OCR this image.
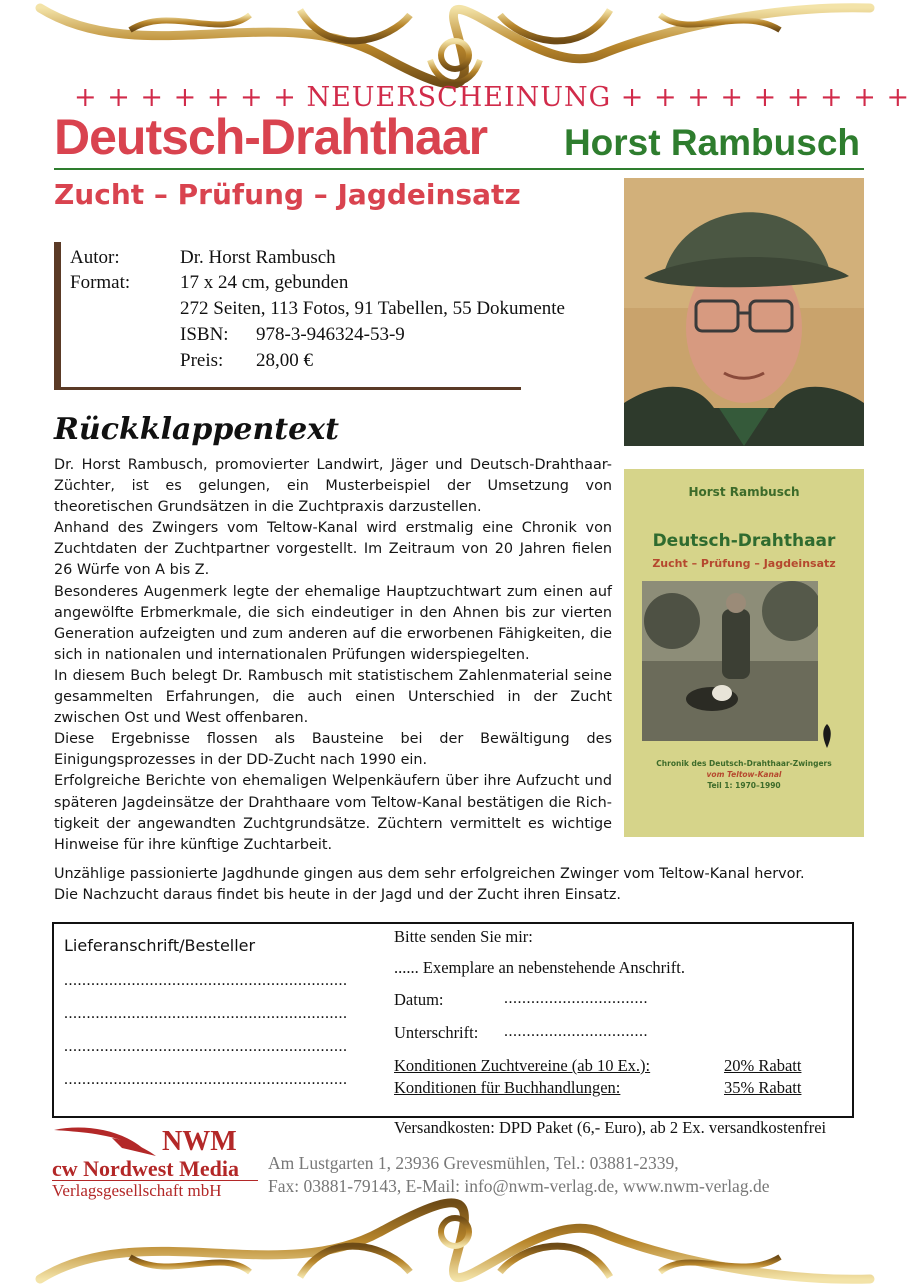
+ + + + + + + NEUERSCHEINUNG + + + + + + + + +
Deutsch-Drahthaar Horst Rambusch
Zucht – Prüfung – Jagdeinsatz
Autor:	Dr. Horst Rambusch
Format:	17 x 24 cm, gebunden
272 Seiten, 113 Fotos, 91 Tabellen, 55 Dokumente
ISBN: 978-3-946324-53-9
Preis: 28,00 €
Rückklappentext

Dr. Horst Rambusch, promovierter Landwirt, Jäger und Deutsch-Drahthaar-Züchter, ist es gelungen, ein Musterbeispiel der Umsetzung von theoretischen Grundsätzen in die Zuchtpraxis darzustellen.

Anhand des Zwingers vom Teltow-Kanal wird erstmalig eine Chronik von Zuchtdaten der Zuchtpartner vorgestellt. Im Zeitraum von 20 Jahren fielen 26 Würfe von A bis Z.

Besonderes Augenmerk legte der ehemalige Hauptzuchtwart zum einen auf angewölfte Erbmerkmale, die sich eindeutiger in den Ahnen bis zur vierten Generation aufzeigten und zum anderen auf die erworbenen Fähigkeiten, die sich in nationalen und internationalen Prüfungen widerspiegelten.

In diesem Buch belegt Dr. Rambusch mit statistischem Zahlenmaterial seine gesammelten Erfahrungen, die auch einen Unterschied in der Zucht zwischen Ost und West offenbaren.

Diese Ergebnisse flossen als Bausteine bei der Bewältigung des Einigungsprozesses in der DD-Zucht nach 1990 ein.

Erfolgreiche Berichte von ehemaligen Welpenkäufern über ihre Aufzucht und späteren Jagdeinsätze der Drahthaare vom Teltow-Kanal bestätigen die Richtigkeit der angewandten Zuchtgrundsätze. Züchtern vermittelt es wichtige Hinweise für ihre künftige Zuchtarbeit.

Unzählige passionierte Jagdhunde gingen aus dem sehr erfolgreichen Zwinger vom Teltow-Kanal hervor.

Die Nachzucht daraus findet bis heute in der Jagd und der Zucht ihren Einsatz.

Horst Rambusch
Deutsch-Drahthaar
Zucht – Prüfung – Jagdeinsatz
Chronik des Deutsch-Drahthaar-Zwingers
vom Teltow-Kanal
Teil 1: 1970–1990
Lieferanschrift/Besteller
...............................................................
...............................................................
...............................................................
...............................................................
Bitte senden Sie mir:
...... Exemplare an nebenstehende Anschrift.
Datum:	................................
Unterschrift: ................................
Konditionen Zuchtvereine (ab 10 Ex.):	20% Rabatt
Konditionen für Buchhandlungen:	35% Rabatt
Versandkosten: DPD Paket (6,- Euro), ab 2 Ex. versandkostenfrei
NWM
cw Nordwest Media
Verlagsgesellschaft mbH
Am Lustgarten 1, 23936 Grevesmühlen, Tel.: 03881-2339,
Fax: 03881-79143, E-Mail: info@nwm-verlag.de, www.nwm-verlag.de
